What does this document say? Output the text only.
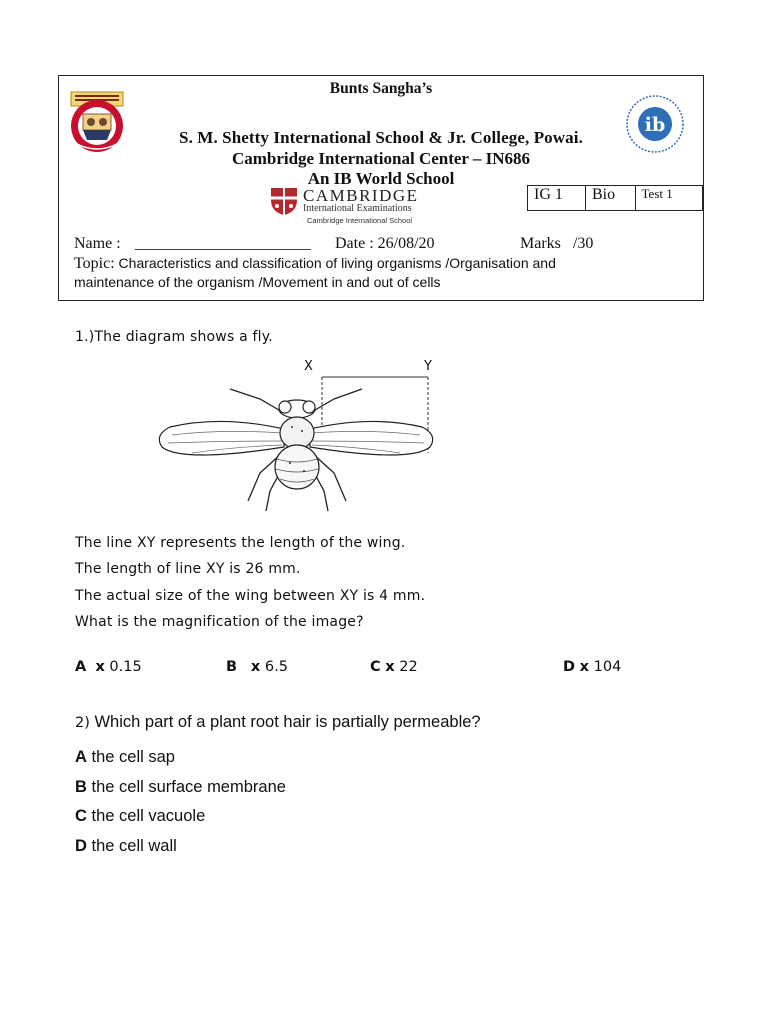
Bunts Sangha’s
S. M. Shetty International School & Jr. College, Powai.
Cambridge International Center – IN686
An IB World School
ib
CAMBRIDGE
International Examinations
Cambridge International School
IG 1	Bio	Test 1
Name : ______________________ Date : 26/08/20	Marks   /30
Topic: Characteristics and classification of living organisms /Organisation and
maintenance of the organism /Movement in and out of cells
1.)The diagram shows a fly.
X	Y
The line XY represents the length of the wing.
The length of line XY is 26 mm.
The actual size of the wing between XY is 4 mm.
What is the magnification of the image?
A x 0.15	B x 6.5	C x 22	D x 104
2) Which part of a plant root hair is partially permeable?
A the cell sap
B the cell surface membrane
C the cell vacuole
D the cell wall
